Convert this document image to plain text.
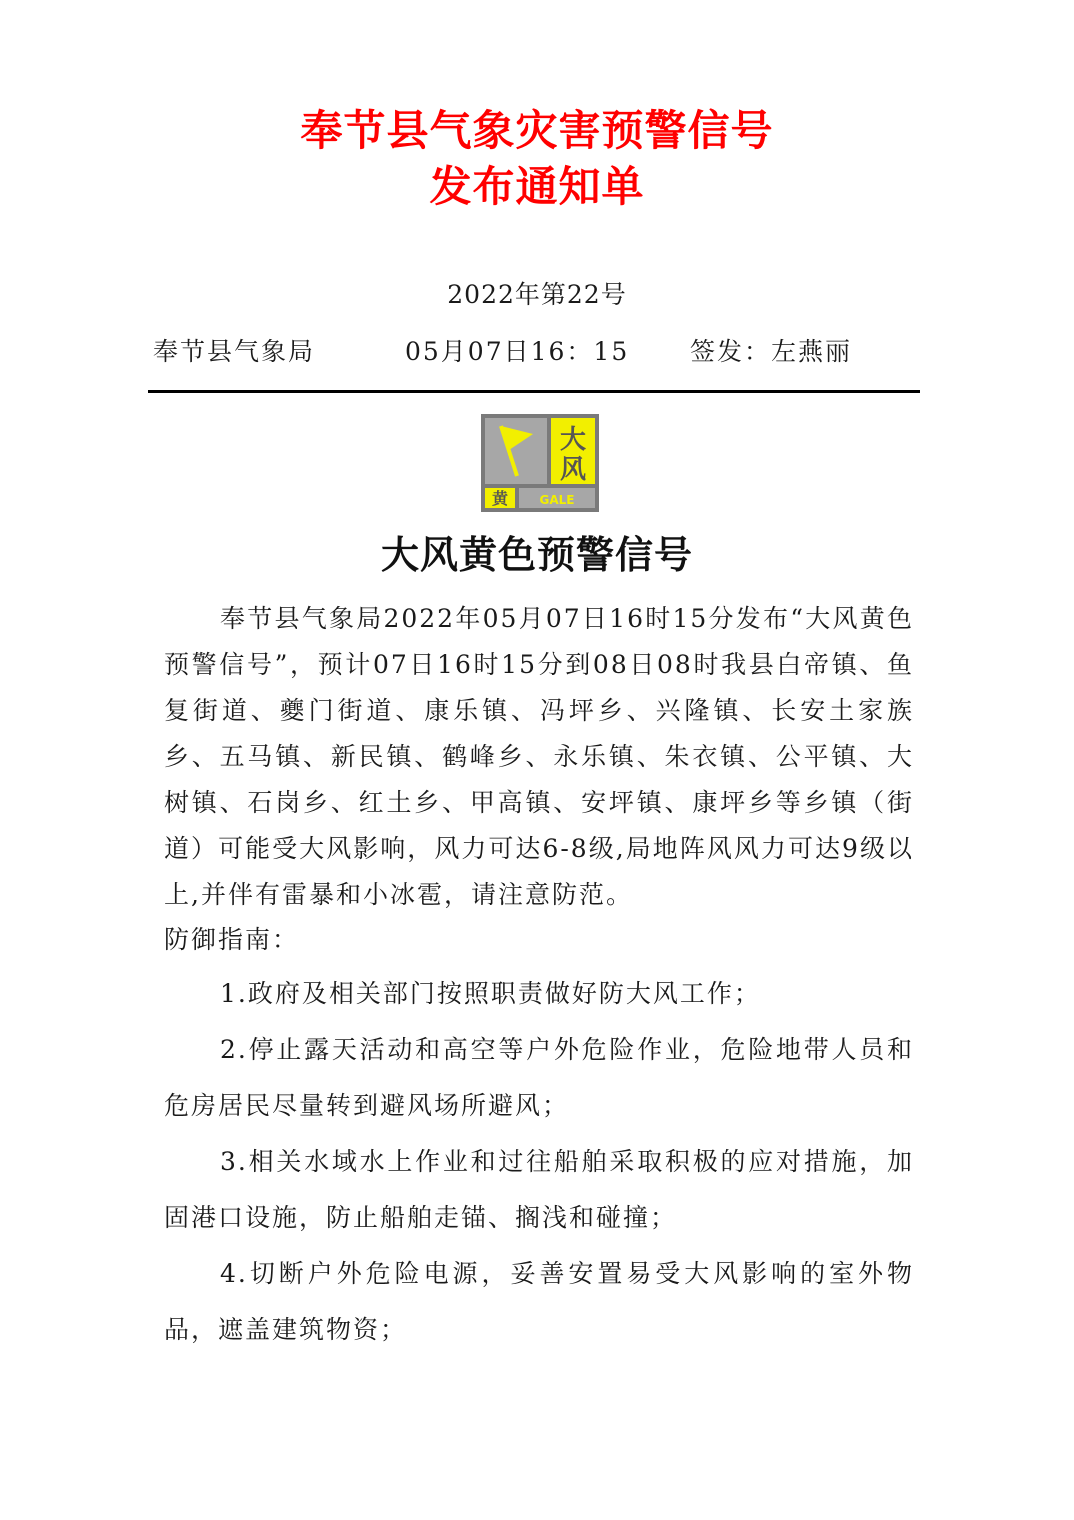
奉节县气象灾害预警信号
发布通知单
2022年第22号
奉节县气象局	05月07日16：15 签发：左燕丽
大
风
黄	GALE
大风黄色预警信号

奉节县气象局2022年05月07日16时15分发布“大风黄色预警信号”，预计07日16时15分到08日08时我县白帝镇、鱼复街道、夔门街道、康乐镇、冯坪乡、兴隆镇、长安土家族乡、五马镇、新民镇、鹤峰乡、永乐镇、朱衣镇、公平镇、大树镇、石岗乡、红土乡、甲高镇、安坪镇、康坪乡等乡镇（街道）可能受大风影响，风力可达6-8级,局地阵风风力可达9级以上,并伴有雷暴和小冰雹，请注意防范。

防御指南：

1.政府及相关部门按照职责做好防大风工作；

2.停止露天活动和高空等户外危险作业，危险地带人员和危房居民尽量转到避风场所避风；

3.相关水域水上作业和过往船舶采取积极的应对措施，加固港口设施，防止船舶走锚、搁浅和碰撞；

4.切断户外危险电源，妥善安置易受大风影响的室外物品，遮盖建筑物资；
